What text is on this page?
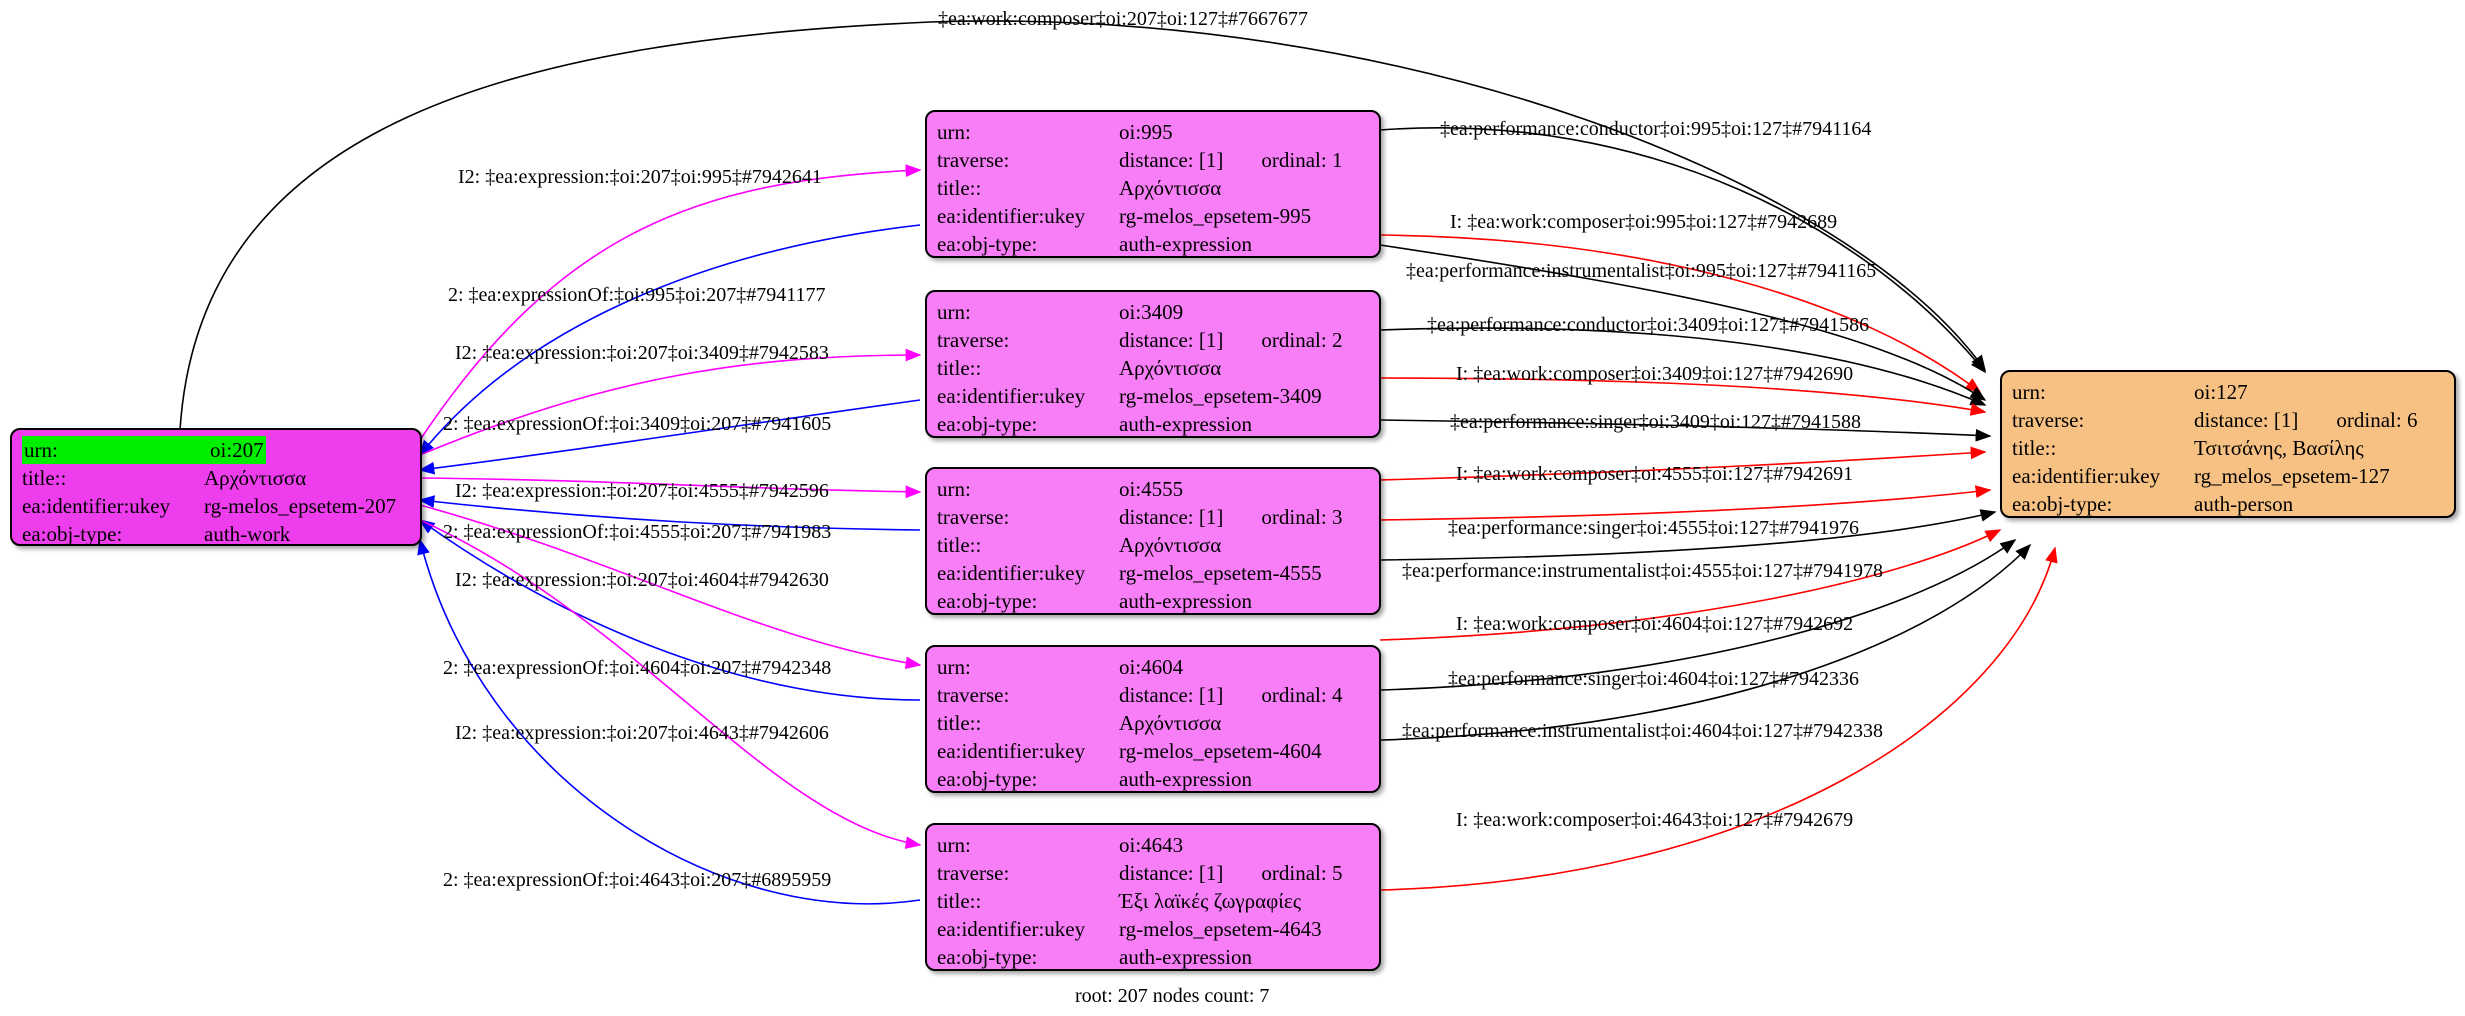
urn:	oi:207
title::	Αρχόντισσα
ea:identifier:ukey	rg-melos_epsetem-207
ea:obj-type:	auth-work
urn:	oi:995
traverse:	distance: [1] ordinal: 1
title::	Αρχόντισσα
ea:identifier:ukey	rg-melos_epsetem-995
ea:obj-type:	auth-expression
urn:	oi:3409
traverse:	distance: [1] ordinal: 2
title::	Αρχόντισσα
ea:identifier:ukey	rg-melos_epsetem-3409
ea:obj-type:	auth-expression
urn:	oi:4555
traverse:	distance: [1] ordinal: 3
title::	Αρχόντισσα
ea:identifier:ukey	rg-melos_epsetem-4555
ea:obj-type:	auth-expression
urn:	oi:4604
traverse:	distance: [1] ordinal: 4
title::	Αρχόντισσα
ea:identifier:ukey	rg-melos_epsetem-4604
ea:obj-type:	auth-expression
urn:	oi:4643
traverse:	distance: [1] ordinal: 5
title::	Έξι λαϊκές ζωγραφίες
ea:identifier:ukey	rg-melos_epsetem-4643
ea:obj-type:	auth-expression
urn:	oi:127
traverse:	distance: [1] ordinal: 6
title::	Τσιτσάνης, Βασίλης
ea:identifier:ukey	rg_melos_epsetem-127
ea:obj-type:	auth-person
‡ea:work:composer‡oi:207‡oi:127‡#7667677
I2: ‡ea:expression:‡oi:207‡oi:995‡#7942641
2: ‡ea:expressionOf:‡oi:995‡oi:207‡#7941177
I2: ‡ea:expression:‡oi:207‡oi:3409‡#7942583
2: ‡ea:expressionOf:‡oi:3409‡oi:207‡#7941605
I2: ‡ea:expression:‡oi:207‡oi:4555‡#7942596
2: ‡ea:expressionOf:‡oi:4555‡oi:207‡#7941983
I2: ‡ea:expression:‡oi:207‡oi:4604‡#7942630
2: ‡ea:expressionOf:‡oi:4604‡oi:207‡#7942348
I2: ‡ea:expression:‡oi:207‡oi:4643‡#7942606
2: ‡ea:expressionOf:‡oi:4643‡oi:207‡#6895959
‡ea:performance:conductor‡oi:995‡oi:127‡#7941164
I: ‡ea:work:composer‡oi:995‡oi:127‡#7942689
‡ea:performance:instrumentalist‡oi:995‡oi:127‡#7941165
‡ea:performance:conductor‡oi:3409‡oi:127‡#7941586
I: ‡ea:work:composer‡oi:3409‡oi:127‡#7942690
‡ea:performance:singer‡oi:3409‡oi:127‡#7941588
I: ‡ea:work:composer‡oi:4555‡oi:127‡#7942691
‡ea:performance:singer‡oi:4555‡oi:127‡#7941976
‡ea:performance:instrumentalist‡oi:4555‡oi:127‡#7941978
I: ‡ea:work:composer‡oi:4604‡oi:127‡#7942692
‡ea:performance:singer‡oi:4604‡oi:127‡#7942336
‡ea:performance:instrumentalist‡oi:4604‡oi:127‡#7942338
I: ‡ea:work:composer‡oi:4643‡oi:127‡#7942679
root: 207 nodes count: 7
